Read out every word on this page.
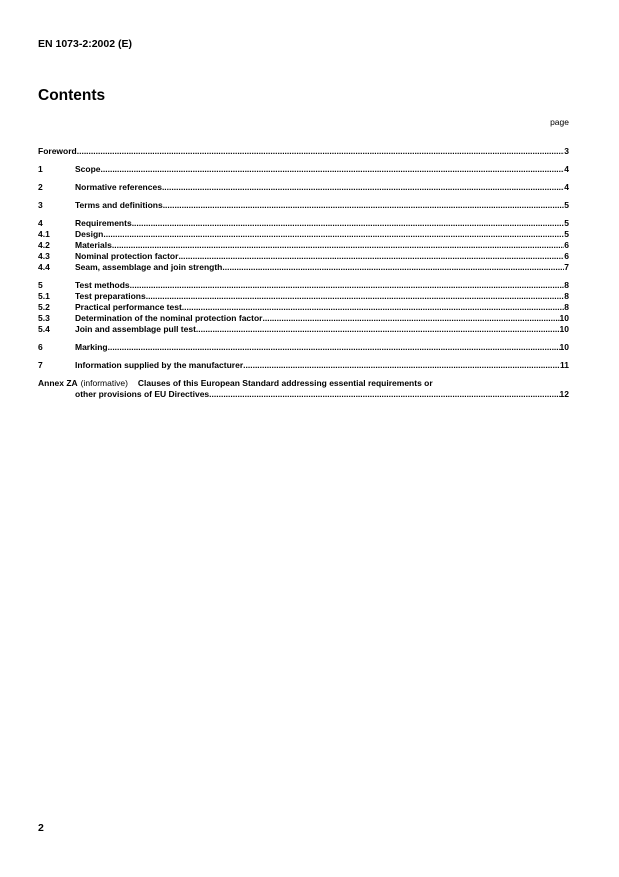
EN 1073-2:2002 (E)
Contents
page
Foreword .....	3
1	Scope .....	4
2	Normative references .....	4
3	Terms and definitions .....	5
4	Requirements .....	5
4.1	Design .....	5
4.2	Materials .....	6
4.3	Nominal protection factor .....	6
4.4	Seam, assemblage and join strength .....	7
5	Test methods .....	8
5.1	Test preparations .....	8
5.2	Practical performance test .....	8
5.3	Determination of the nominal protection factor .....	10
5.4	Join and assemblage pull test .....	10
6	Marking .....	10
7	Information supplied by the manufacturer .....	11
Annex ZA (informative) Clauses of this European Standard addressing essential requirements or
other provisions of EU Directives .....	12
2
